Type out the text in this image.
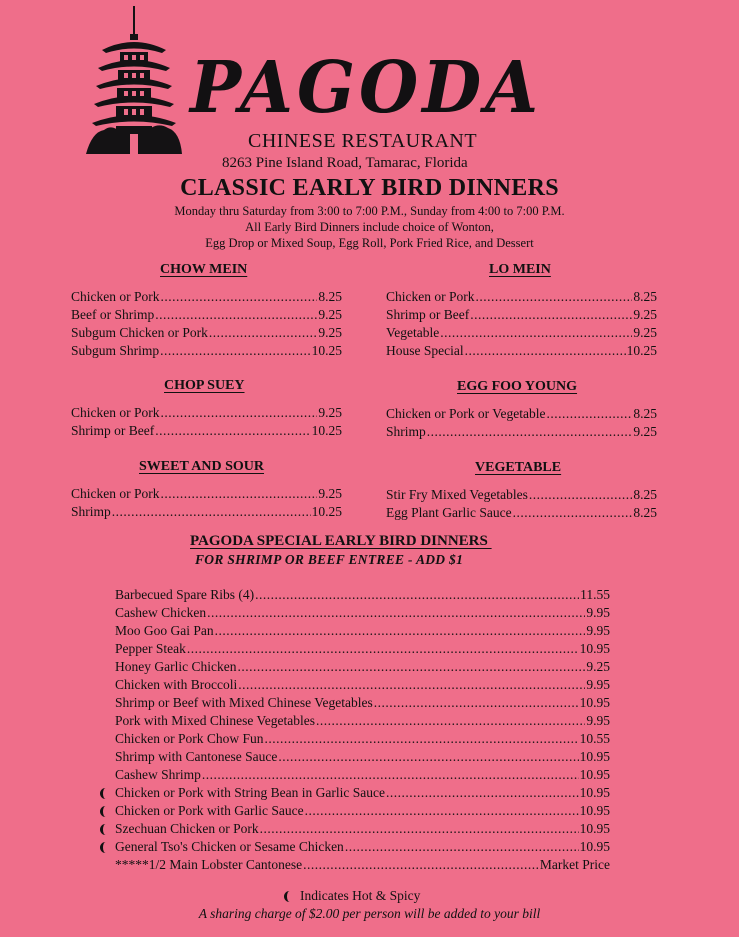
PAGODA
CHINESE RESTAURANT
8263 Pine Island Road, Tamarac, Florida
CLASSIC EARLY BIRD DINNERS
Monday thru Saturday from 3:00 to 7:00 P.M., Sunday from 4:00 to 7:00 P.M.
All Early Bird Dinners include choice of Wonton,
Egg Drop or Mixed Soup, Egg Roll, Pork Fried Rice, and Dessert
CHOW MEIN
Chicken or Pork .....	8.25
Beef or Shrimp .....	9.25
Subgum Chicken or Pork .....	9.25
Subgum Shrimp .....	10.25
LO MEIN
Chicken or Pork .....	8.25
Shrimp or Beef .....	9.25
Vegetable .....	9.25
House Special .....	10.25
CHOP SUEY
Chicken or Pork .....	9.25
Shrimp or Beef .....	10.25
EGG FOO YOUNG
Chicken or Pork or Vegetable .....	8.25
Shrimp .....	9.25
SWEET AND SOUR
Chicken or Pork .....	9.25
Shrimp .....	10.25
VEGETABLE
Stir Fry Mixed Vegetables .....	8.25
Egg Plant Garlic Sauce .....	8.25
PAGODA SPECIAL EARLY BIRD DINNERS
FOR SHRIMP OR BEEF ENTREE - ADD $1
Barbecued Spare Ribs (4) .....	11.55
Cashew Chicken .....	9.95
Moo Goo Gai Pan .....	9.95
Pepper Steak .....	10.95
Honey Garlic Chicken .....	9.25
Chicken with Broccoli .....	9.95
Shrimp or Beef with Mixed Chinese Vegetables .....	10.95
Pork with Mixed Chinese Vegetables .....	9.95
Chicken or Pork Chow Fun .....	10.55
Shrimp with Cantonese Sauce .....	10.95
Cashew Shrimp .....	10.95
Chicken or Pork with String Bean in Garlic Sauce .....	10.95
Chicken or Pork with Garlic Sauce .....	10.95
Szechuan Chicken or Pork .....	10.95
General Tso's Chicken or Sesame Chicken .....	10.95
*****1/2 Main Lobster Cantonese .....	Market Price
Indicates Hot & Spicy
A sharing charge of $2.00 per person will be added to your bill
